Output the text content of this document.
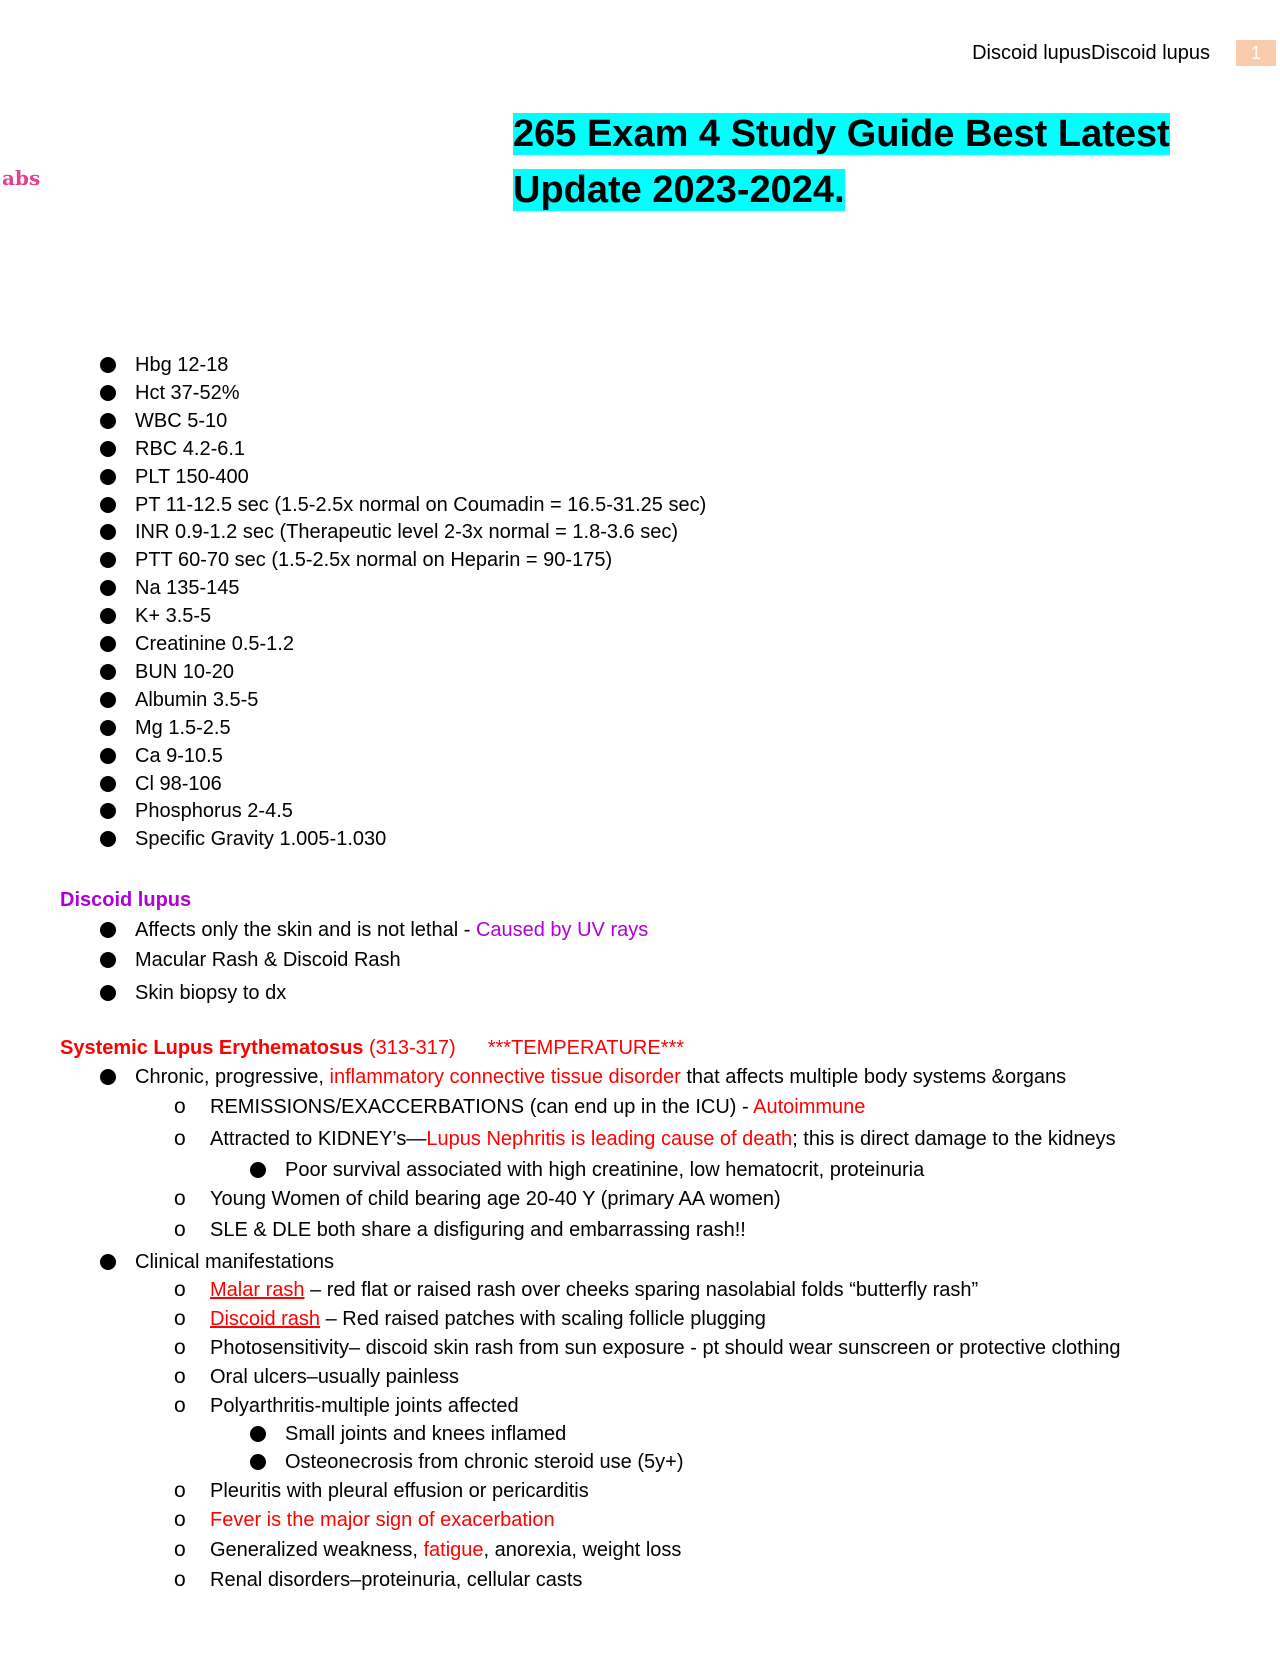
Discoid lupusDiscoid lupus	1
abs
265 Exam 4 Study Guide Best Latest
Update 2023-2024.
Hbg 12-18
Hct 37-52%
WBC 5-10
RBC 4.2-6.1
PLT 150-400
PT 11-12.5 sec (1.5-2.5x normal on Coumadin = 16.5-31.25 sec)
INR 0.9-1.2 sec (Therapeutic level 2-3x normal = 1.8-3.6 sec)
PTT 60-70 sec (1.5-2.5x normal on Heparin = 90-175)
Na 135-145
K+ 3.5-5
Creatinine 0.5-1.2
BUN 10-20
Albumin 3.5-5
Mg 1.5-2.5
Ca 9-10.5
Cl 98-106
Phosphorus 2-4.5
Specific Gravity 1.005-1.030
Discoid lupus
Affects only the skin and is not lethal - Caused by UV rays
Macular Rash & Discoid Rash
Skin biopsy to dx
Systemic Lupus Erythematosus (313-317) ***TEMPERATURE***
Chronic, progressive, inflammatory connective tissue disorder that affects multiple body systems &organs
o REMISSIONS/EXACCERBATIONS (can end up in the ICU) - Autoimmune
o Attracted to KIDNEY’s—Lupus Nephritis is leading cause of death; this is direct damage to the kidneys
Poor survival associated with high creatinine, low hematocrit, proteinuria
o Young Women of child bearing age 20-40 Y (primary AA women)
o SLE & DLE both share a disfiguring and embarrassing rash!!
Clinical manifestations
o Malar rash – red flat or raised rash over cheeks sparing nasolabial folds “butterfly rash”
o Discoid rash – Red raised patches with scaling follicle plugging
o Photosensitivity– discoid skin rash from sun exposure - pt should wear sunscreen or protective clothing
o Oral ulcers–usually painless
o Polyarthritis-multiple joints affected
Small joints and knees inflamed
Osteonecrosis from chronic steroid use (5y+)
o Pleuritis with pleural effusion or pericarditis
o Fever is the major sign of exacerbation
o Generalized weakness, fatigue, anorexia, weight loss
o Renal disorders–proteinuria, cellular casts
